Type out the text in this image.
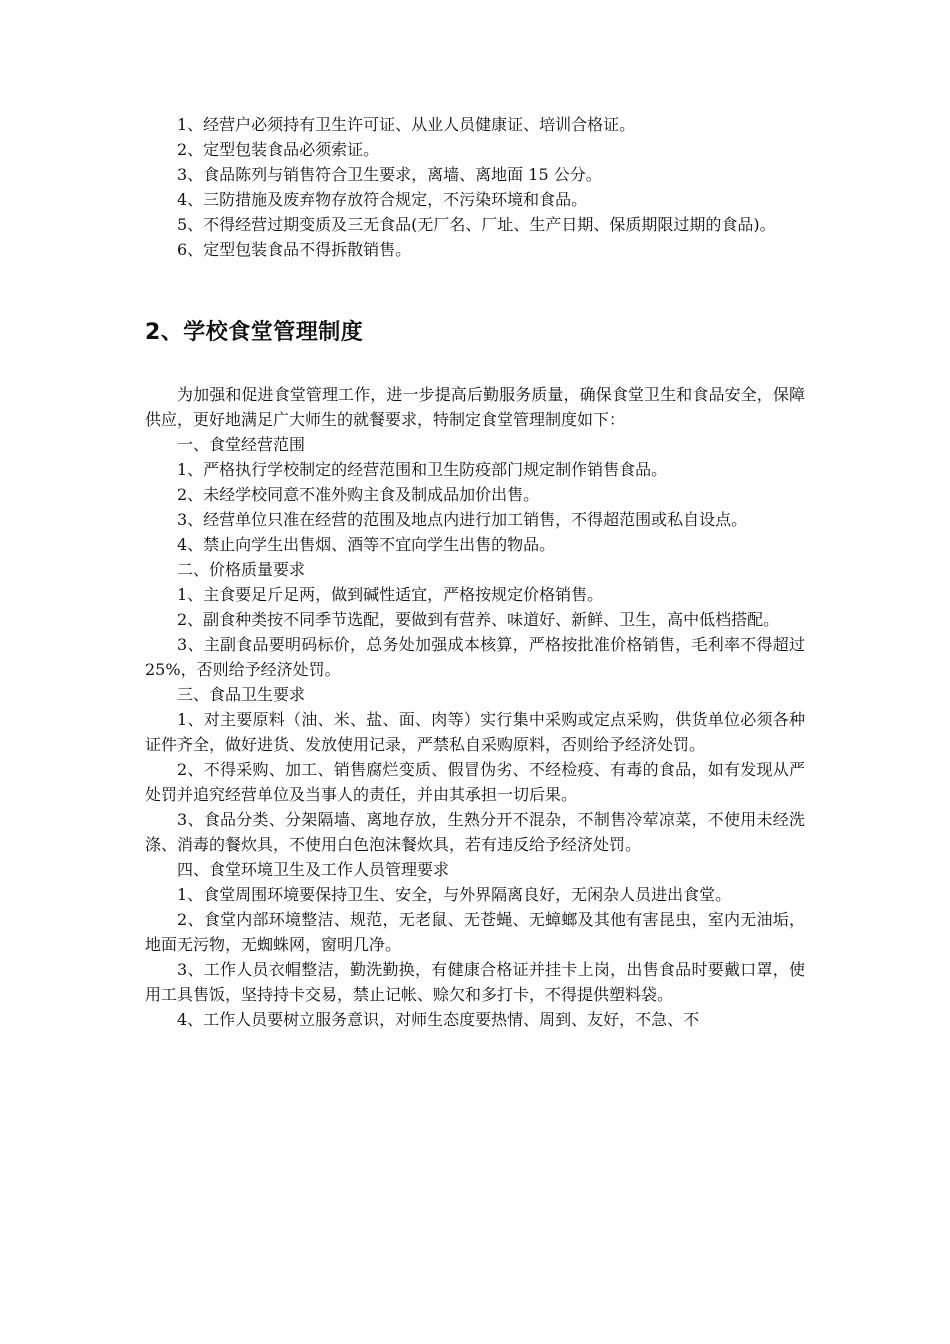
1、经营户必须持有卫生许可证、从业人员健康证、培训合格证。

2、定型包装食品必须索证。

3、食品陈列与销售符合卫生要求，离墙、离地面 15 公分。

4、三防措施及废弃物存放符合规定，不污染环境和食品。

5、不得经营过期变质及三无食品(无厂名、厂址、生产日期、保质期限过期的食品)。

6、定型包装食品不得拆散销售。

2、学校食堂管理制度

为加强和促进食堂管理工作，进一步提高后勤服务质量，确保食堂卫生和食品安全，保障供应，更好地满足广大师生的就餐要求，特制定食堂管理制度如下：

一、食堂经营范围

1、严格执行学校制定的经营范围和卫生防疫部门规定制作销售食品。

2、未经学校同意不准外购主食及制成品加价出售。

3、经营单位只准在经营的范围及地点内进行加工销售，不得超范围或私自设点。

4、禁止向学生出售烟、酒等不宜向学生出售的物品。

二、价格质量要求

1、主食要足斤足两，做到碱性适宜，严格按规定价格销售。

2、副食种类按不同季节选配，要做到有营养、味道好、新鲜、卫生，高中低档搭配。

3、主副食品要明码标价，总务处加强成本核算，严格按批准价格销售，毛利率不得超过 25%，否则给予经济处罚。

三、食品卫生要求

1、对主要原料（油、米、盐、面、肉等）实行集中采购或定点采购，供货单位必须各种证件齐全，做好进货、发放使用记录，严禁私自采购原料，否则给予经济处罚。

2、不得采购、加工、销售腐烂变质、假冒伪劣、不经检疫、有毒的食品，如有发现从严处罚并追究经营单位及当事人的责任，并由其承担一切后果。

3、食品分类、分架隔墙、离地存放，生熟分开不混杂，不制售冷荤凉菜，不使用未经洗涤、消毒的餐炊具，不使用白色泡沫餐炊具，若有违反给予经济处罚。

四、食堂环境卫生及工作人员管理要求

1、食堂周围环境要保持卫生、安全，与外界隔离良好，无闲杂人员进出食堂。

2、食堂内部环境整洁、规范，无老鼠、无苍蝇、无蟑螂及其他有害昆虫，室内无油垢，地面无污物，无蜘蛛网，窗明几净。

3、工作人员衣帽整洁，勤洗勤换，有健康合格证并挂卡上岗，出售食品时要戴口罩，使用工具售饭，坚持持卡交易，禁止记帐、赊欠和多打卡，不得提供塑料袋。

4、工作人员要树立服务意识，对师生态度要热情、周到、友好，不急、不
